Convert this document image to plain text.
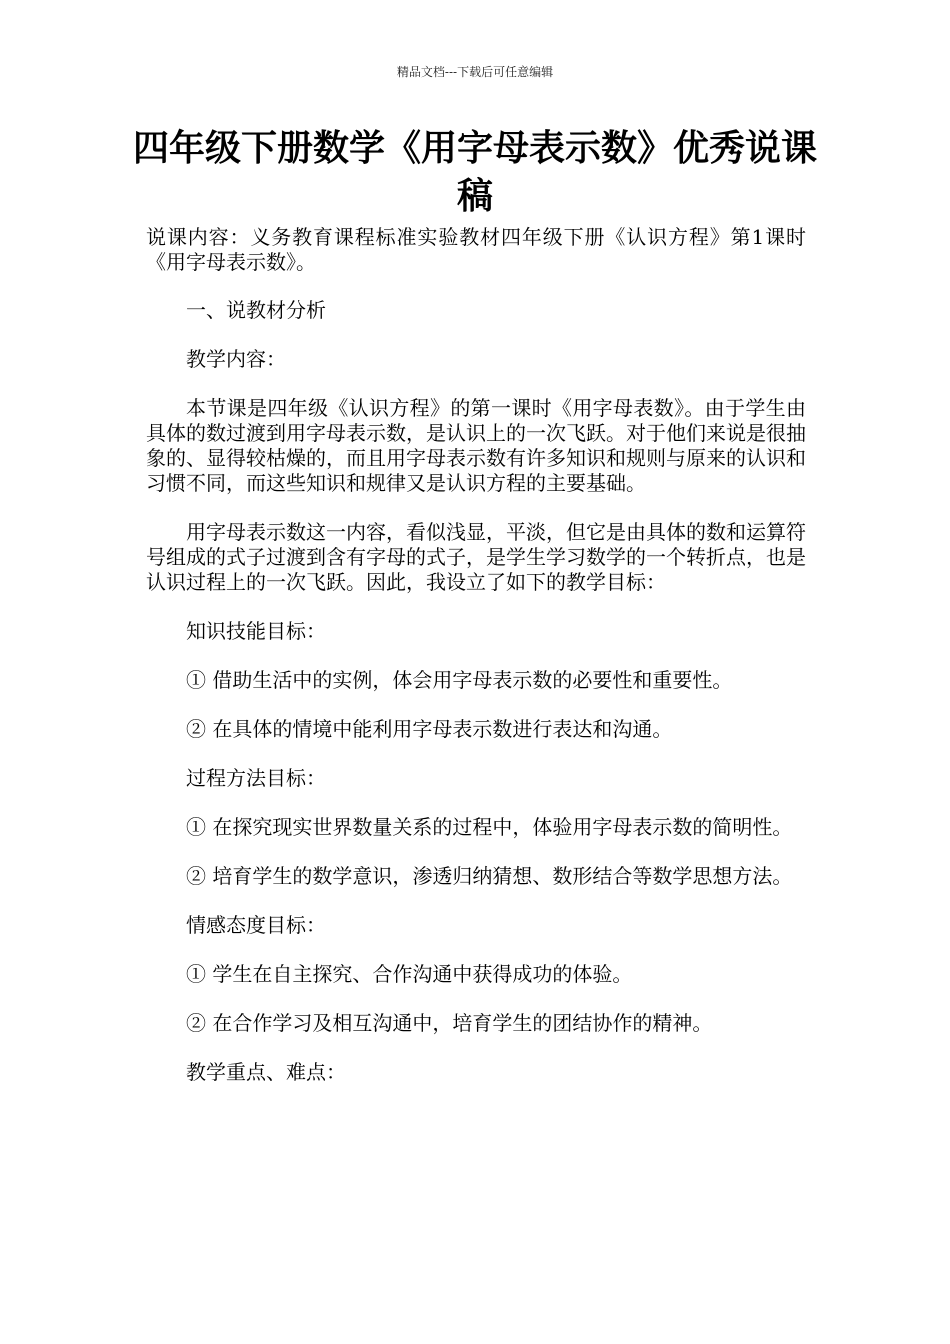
精品文档---下载后可任意编辑
四年级下册数学《用字母表示数》优秀说课稿

说课内容：义务教育课程标准实验教材四年级下册《认识方程》第1课时《用字母表示数》。

一、说教材分析

教学内容：

本节课是四年级《认识方程》的第一课时《用字母表数》。由于学生由具体的数过渡到用字母表示数，是认识上的一次飞跃。对于他们来说是很抽象的、显得较枯燥的，而且用字母表示数有许多知识和规则与原来的认识和习惯不同，而这些知识和规律又是认识方程的主要基础。

用字母表示数这一内容，看似浅显，平淡，但它是由具体的数和运算符号组成的式子过渡到含有字母的式子，是学生学习数学的一个转折点，也是认识过程上的一次飞跃。因此，我设立了如下的教学目标：

知识技能目标：

① 借助生活中的实例，体会用字母表示数的必要性和重要性。

② 在具体的情境中能利用字母表示数进行表达和沟通。

过程方法目标：

① 在探究现实世界数量关系的过程中，体验用字母表示数的简明性。

② 培育学生的数学意识，渗透归纳猜想、数形结合等数学思想方法。

情感态度目标：

① 学生在自主探究、合作沟通中获得成功的体验。

② 在合作学习及相互沟通中，培育学生的团结协作的精神。

教学重点、难点：
